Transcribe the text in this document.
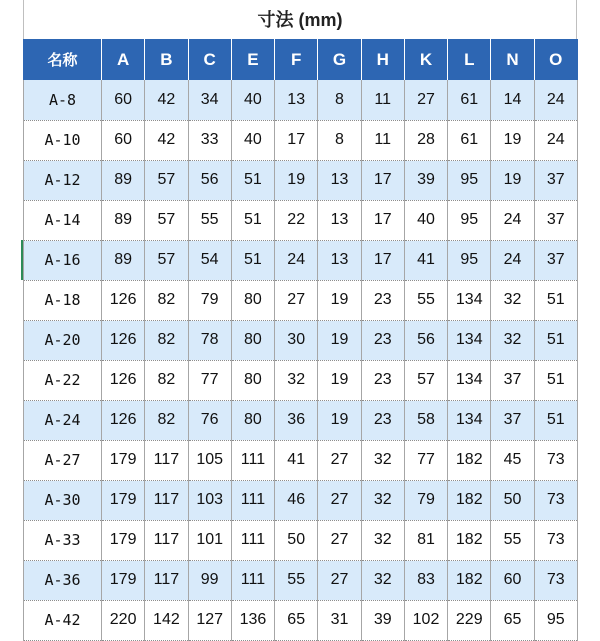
寸法 (mm)
名称	A	B	C	E	F	G	H	K	L	N	O
A-8	60	42	34	40	13	8	11	27	61	14	24
A-10	60	42	33	40	17	8	11	28	61	19	24
A-12	89	57	56	51	19	13	17	39	95	19	37
A-14	89	57	55	51	22	13	17	40	95	24	37
A-16	89	57	54	51	24	13	17	41	95	24	37
A-18	126	82	79	80	27	19	23	55	134	32	51
A-20	126	82	78	80	30	19	23	56	134	32	51
A-22	126	82	77	80	32	19	23	57	134	37	51
A-24	126	82	76	80	36	19	23	58	134	37	51
A-27	179	117	105	111	41	27	32	77	182	45	73
A-30	179	117	103	111	46	27	32	79	182	50	73
A-33	179	117	101	111	50	27	32	81	182	55	73
A-36	179	117	99	111	55	27	32	83	182	60	73
A-42	220	142	127	136	65	31	39	102	229	65	95
